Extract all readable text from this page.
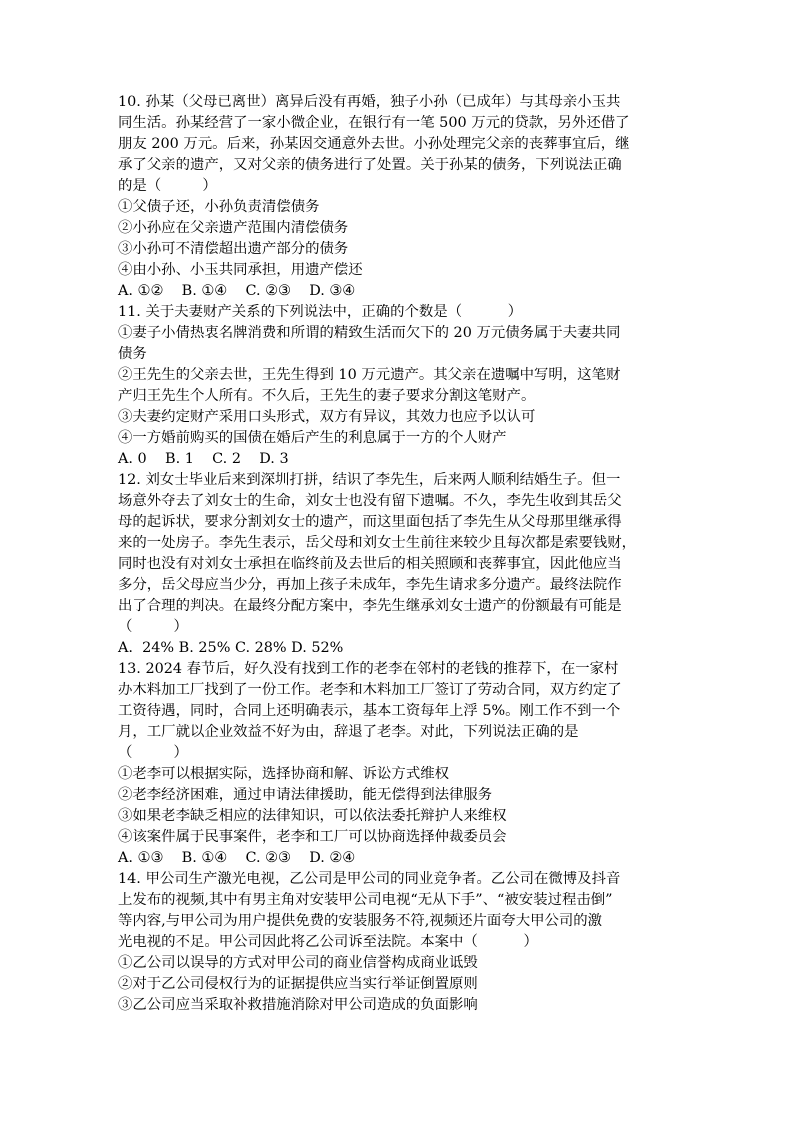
10. 孙某（父母已离世）离异后没有再婚，独子小孙（已成年）与其母亲小玉共
同生活。孙某经营了一家小微企业，在银行有一笔 500 万元的贷款，另外还借了
朋友 200 万元。后来，孙某因交通意外去世。小孙处理完父亲的丧葬事宜后，继
承了父亲的遗产，又对父亲的债务进行了处置。关于孙某的债务，下列说法正确
的是（         ）
①父债子还，小孙负责清偿债务
②小孙应在父亲遗产范围内清偿债务
③小孙可不清偿超出遗产部分的债务
④由小孙、小玉共同承担，用遗产偿还
A. ①②    B. ①④    C. ②③    D. ③④
11. 关于夫妻财产关系的下列说法中，正确的个数是（          ）
①妻子小倩热衷名牌消费和所谓的精致生活而欠下的 20 万元债务属于夫妻共同
债务
②王先生的父亲去世，王先生得到 10 万元遗产。其父亲在遗嘱中写明，这笔财
产归王先生个人所有。不久后，王先生的妻子要求分割这笔财产。
③夫妻约定财产采用口头形式，双方有异议，其效力也应予以认可
④一方婚前购买的国债在婚后产生的利息属于一方的个人财产
A. 0    B. 1    C. 2    D. 3
12. 刘女士毕业后来到深圳打拼，结识了李先生，后来两人顺利结婚生子。但一
场意外夺去了刘女士的生命，刘女士也没有留下遗嘱。不久，李先生收到其岳父
母的起诉状，要求分割刘女士的遗产，而这里面包括了李先生从父母那里继承得
来的一处房子。李先生表示，岳父母和刘女士生前往来较少且每次都是索要钱财，
同时也没有对刘女士承担在临终前及去世后的相关照顾和丧葬事宜，因此他应当
多分，岳父母应当少分，再加上孩子未成年，李先生请求多分遗产。最终法院作
出了合理的判决。在最终分配方案中，李先生继承刘女士遗产的份额最有可能是
（         ）
A.  24% B. 25% C. 28% D. 52%
13. 2024 春节后，好久没有找到工作的老李在邻村的老钱的推荐下，在一家村
办木料加工厂找到了一份工作。老李和木料加工厂签订了劳动合同，双方约定了
工资待遇，同时，合同上还明确表示，基本工资每年上浮 5%。刚工作不到一个
月，工厂就以企业效益不好为由，辞退了老李。对此，下列说法正确的是
（         ）
①老李可以根据实际，选择协商和解、诉讼方式维权
②老李经济困难，通过申请法律援助，能无偿得到法律服务
③如果老李缺乏相应的法律知识，可以依法委托辩护人来维权
④该案件属于民事案件，老李和工厂可以协商选择仲裁委员会
A. ①③    B. ①④    C. ②③    D. ②④
14. 甲公司生产激光电视，乙公司是甲公司的同业竞争者。乙公司在微博及抖音
上发布的视频,其中有男主角对安装甲公司电视“无从下手”、“被安装过程击倒”
等内容,与甲公司为用户提供免费的安装服务不符,视频还片面夸大甲公司的激
光电视的不足。甲公司因此将乙公司诉至法院。本案中（          ）
①乙公司以误导的方式对甲公司的商业信誉构成商业诋毁
②对于乙公司侵权行为的证据提供应当实行举证倒置原则
③乙公司应当采取补救措施消除对甲公司造成的负面影响
